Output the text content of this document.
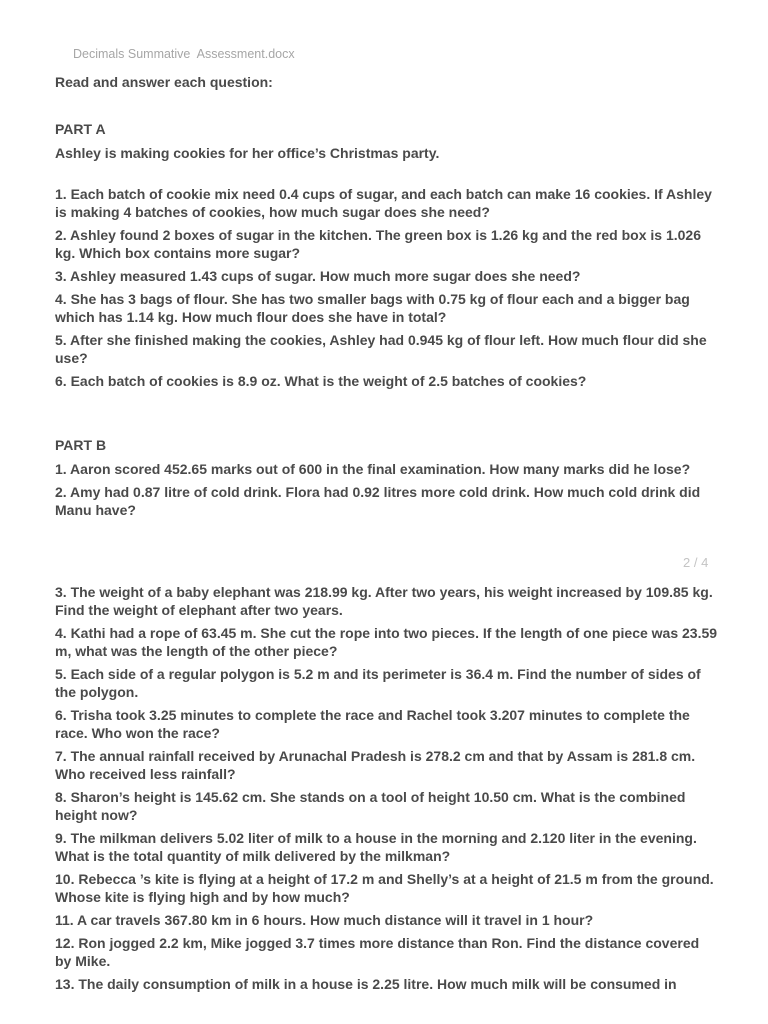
Decimals Summative  Assessment.docx

Read and answer each question:

PART A

Ashley is making cookies for her office’s Christmas party.

1. Each batch of cookie mix need 0.4 cups of sugar, and each batch can make 16 cookies. If Ashley is making 4 batches of cookies, how much sugar does she need?

2. Ashley found 2 boxes of sugar in the kitchen. The green box is 1.26 kg and the red box is 1.026 kg. Which box contains more sugar?

3. Ashley measured 1.43 cups of sugar. How much more sugar does she need?

4. She has 3 bags of flour. She has two smaller bags with 0.75 kg of flour each and a bigger bag which has 1.14 kg. How much flour does she have in total?

5. After she finished making the cookies, Ashley had 0.945 kg of flour left. How much flour did she use?

6. Each batch of cookies is 8.9 oz. What is the weight of 2.5 batches of cookies?

PART B

1. Aaron scored 452.65 marks out of 600 in the final examination. How many marks did he lose?

2. Amy had 0.87 litre of cold drink. Flora had 0.92 litres more cold drink. How much cold drink did Manu have?

2 / 4

3. The weight of a baby elephant was 218.99 kg. After two years, his weight increased by 109.85 kg. Find the weight of elephant after two years.

4. Kathi had a rope of 63.45 m. She cut the rope into two pieces. If the length of one piece was 23.59 m, what was the length of the other piece?

5. Each side of a regular polygon is 5.2 m and its perimeter is 36.4 m. Find the number of sides of the polygon.

6. Trisha took 3.25 minutes to complete the race and Rachel took 3.207 minutes to complete the race. Who won the race?

7. The annual rainfall received by Arunachal Pradesh is 278.2 cm and that by Assam is 281.8 cm. Who received less rainfall?

8. Sharon’s height is 145.62 cm. She stands on a tool of height 10.50 cm. What is the combined height now?

9. The milkman delivers 5.02 liter of milk to a house in the morning and 2.120 liter in the evening. What is the total quantity of milk delivered by the milkman?

10. Rebecca ’s kite is flying at a height of 17.2 m and Shelly’s at a height of 21.5 m from the ground. Whose kite is flying high and by how much?

11. A car travels 367.80 km in 6 hours. How much distance will it travel in 1 hour?

12. Ron jogged 2.2 km, Mike jogged 3.7 times more distance than Ron. Find the distance covered by Mike.

13. The daily consumption of milk in a house is 2.25 litre. How much milk will be consumed in
